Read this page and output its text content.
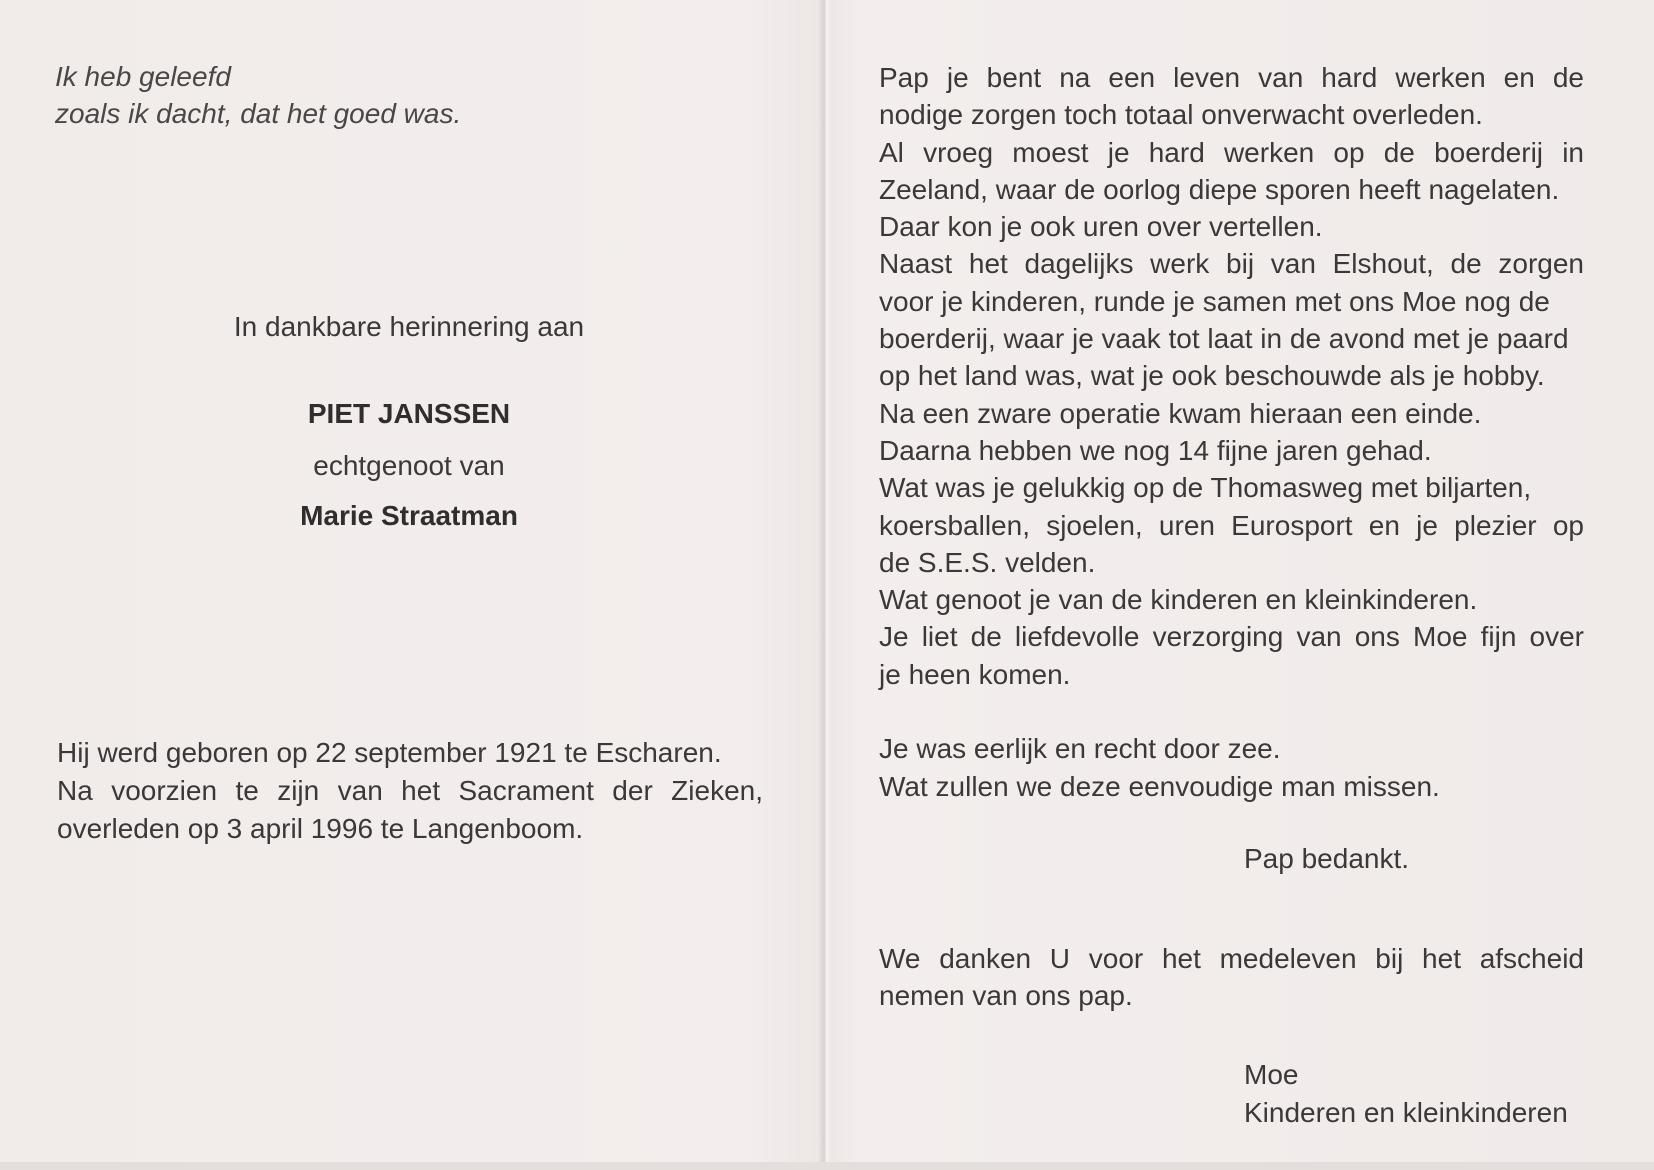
Ik heb geleefd
zoals ik dacht, dat het goed was.
In dankbare herinnering aan
PIET JANSSEN
echtgenoot van
Marie Straatman
Hij werd geboren op 22 september 1921 te Escharen.
Na voorzien te zijn van het Sacrament der Zieken,
overleden op 3 april 1996 te Langenboom.
Pap je bent na een leven van hard werken en de
nodige zorgen toch totaal onverwacht overleden.
Al vroeg moest je hard werken op de boerderij in
Zeeland, waar de oorlog diepe sporen heeft nagelaten.
Daar kon je ook uren over vertellen.
Naast het dagelijks werk bij van Elshout, de zorgen
voor je kinderen, runde je samen met ons Moe nog de
boerderij, waar je vaak tot laat in de avond met je paard
op het land was, wat je ook beschouwde als je hobby.
Na een zware operatie kwam hieraan een einde.
Daarna hebben we nog 14 fijne jaren gehad.
Wat was je gelukkig op de Thomasweg met biljarten,
koersballen, sjoelen, uren Eurosport en je plezier op
de S.E.S. velden.
Wat genoot je van de kinderen en kleinkinderen.
Je liet de liefdevolle verzorging van ons Moe fijn over
je heen komen.
Je was eerlijk en recht door zee.
Wat zullen we deze eenvoudige man missen.
Pap bedankt.
We danken U voor het medeleven bij het afscheid
nemen van ons pap.
Moe
Kinderen en kleinkinderen
